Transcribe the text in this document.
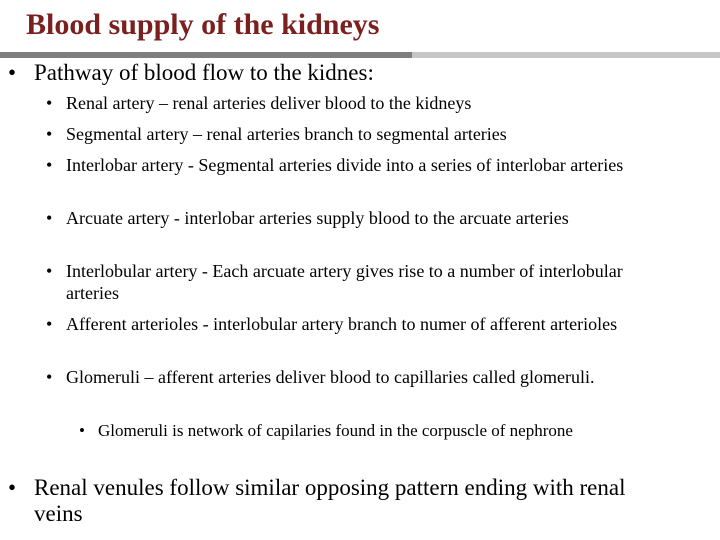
Blood supply of the kidneys
• Pathway of blood flow to the kidnes:
• Renal artery – renal arteries deliver blood to the kidneys
• Segmental artery – renal arteries branch to segmental arteries
• Interlobar artery - Segmental arteries divide into a series of interlobar arteries
• Arcuate artery - interlobar arteries supply blood to the arcuate arteries
• Interlobular artery - Each arcuate artery gives rise to a number of interlobular arteries
• Afferent arterioles - interlobular artery branch to numer of afferent arterioles
• Glomeruli – afferent arteries deliver blood to capillaries called glomeruli.
• Glomeruli is network of capilaries found in the corpuscle of nephrone
• Renal venules follow similar opposing pattern ending with renal veins
